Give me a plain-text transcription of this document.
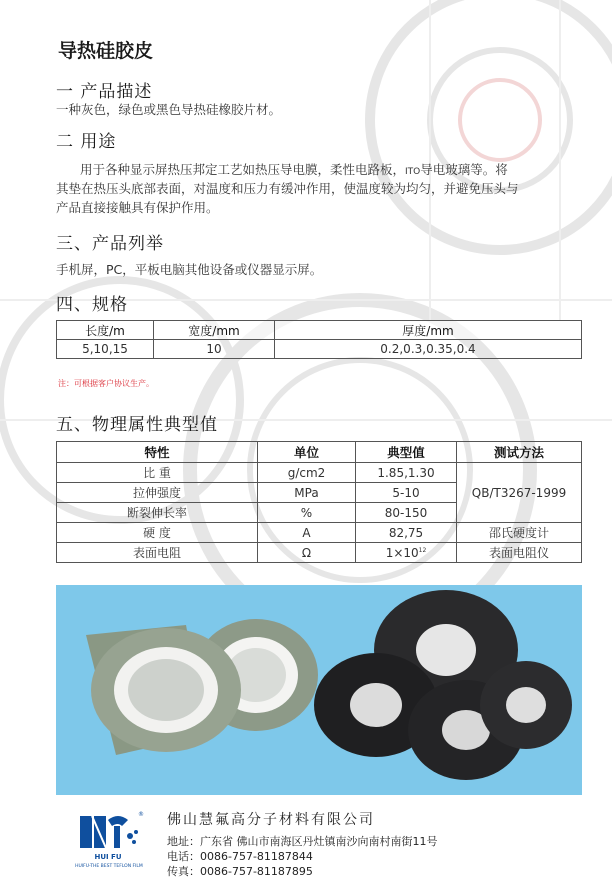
导热硅胶皮
一 产品描述

一种灰色，绿色或黑色导热硅橡胶片材。

二 用途

用于各种显示屏热压邦定工艺如热压导电膜，柔性电路板，ITO导电玻璃等。将

其垫在热压头底部表面，对温度和压力有缓冲作用，使温度较为均匀，并避免压头与

产品直接接触具有保护作用。

三、产品列举

手机屏，PC，平板电脑其他设备或仪器显示屏。

四、规格
长度/m	宽度/mm	厚度/mm
5,10,15	10	0.2,0.3,0.35,0.4
注：可根据客户协议生产。
五、物理属性典型值
特性	单位	典型值	测试方法
比 重	g/cm2	1.85,1.30	QB/T3267-1999
拉伸强度	MPa	5-10	
断裂伸长率	%	80-150	
硬 度	A	82,75	邵氏硬度计
表面电阻	Ω	$1\times 10^{12}$	表面电阻仪
®
HUI FU
HUIFU-THE BEST TEFLON FILM
佛山慧氟高分子材料有限公司
地址：广东省 佛山市南海区丹灶镇南沙向南村南街11号
电话：0086-757-81187844
传真：0086-757-81187895
